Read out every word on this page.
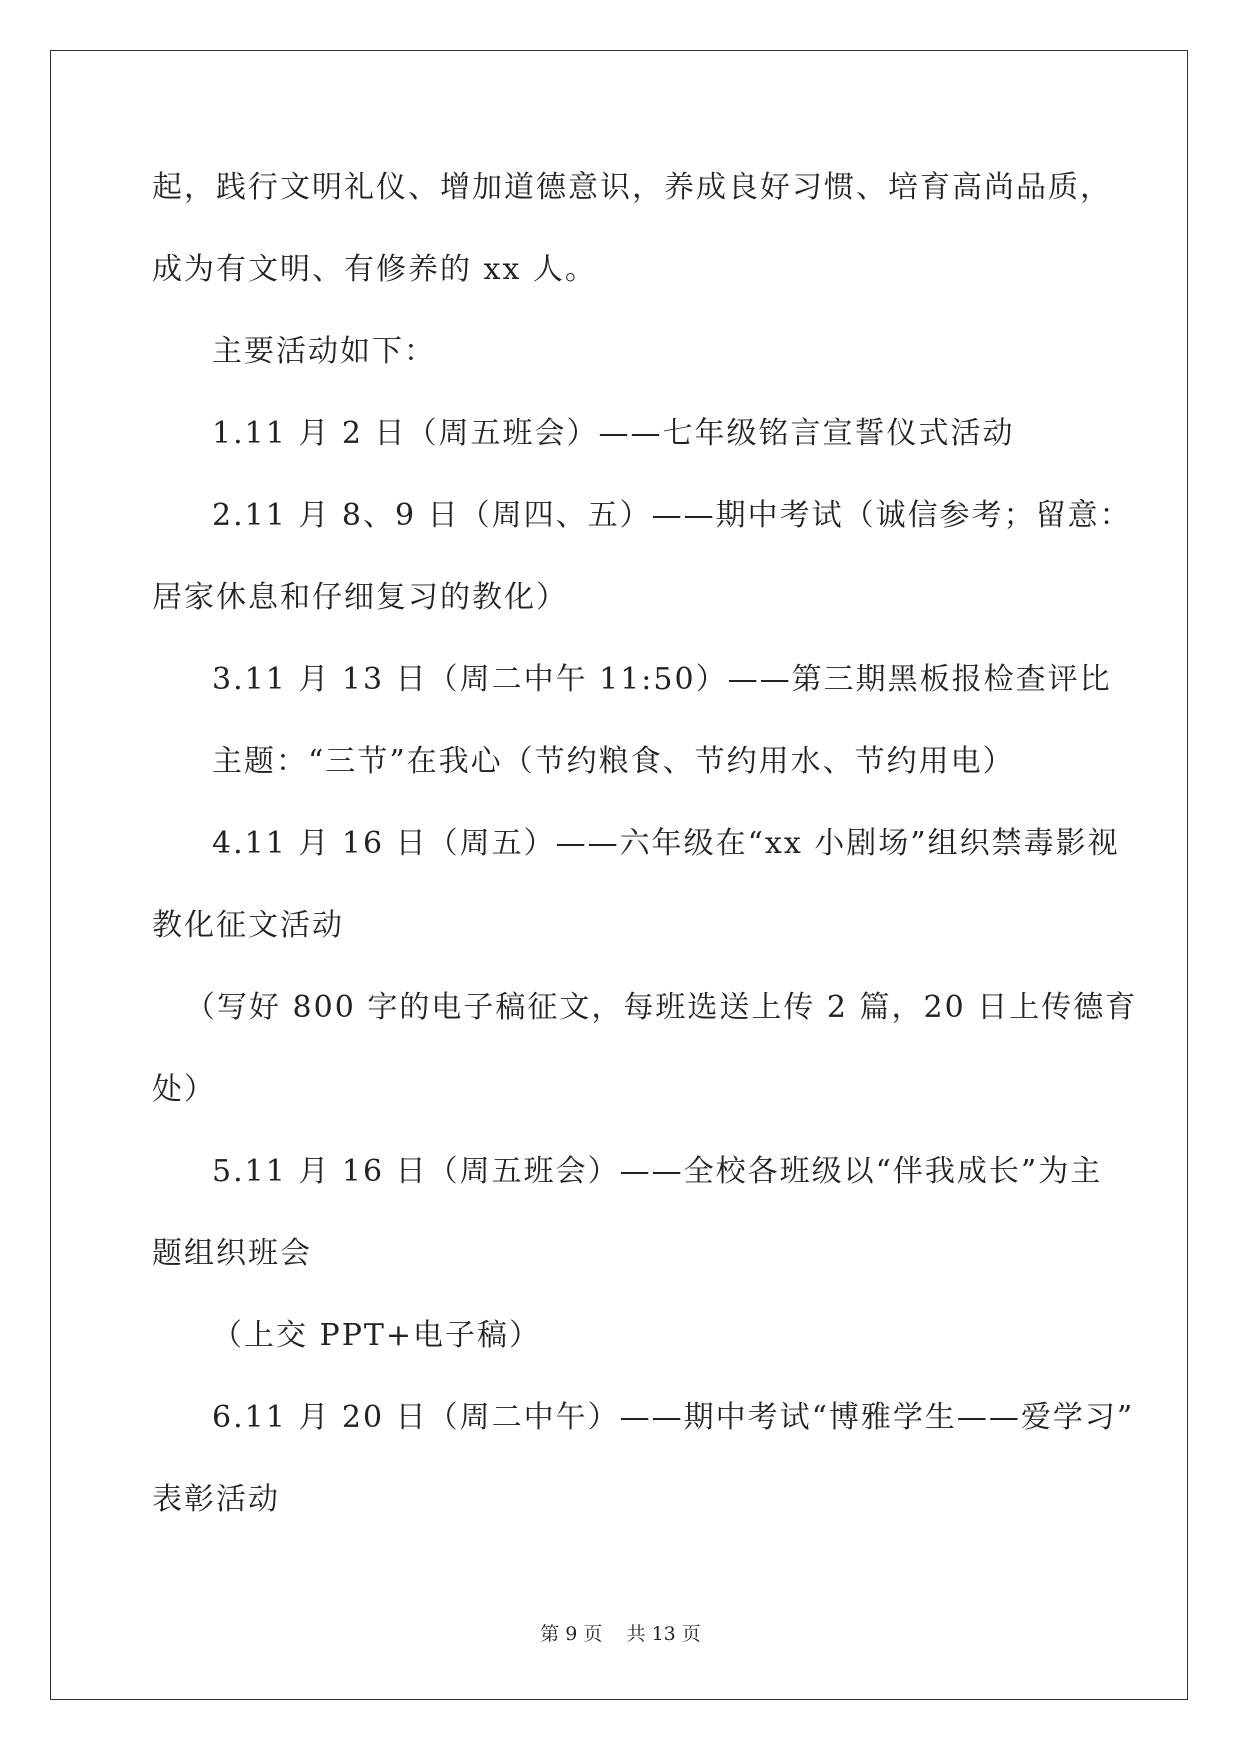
起，践行文明礼仪、增加道德意识，养成良好习惯、培育高尚品质，
成为有文明、有修养的 xx 人。
主要活动如下：
1.11 月 2 日（周五班会）——七年级铭言宣誓仪式活动
2.11 月 8、9 日（周四、五）——期中考试（诚信参考；留意：
居家休息和仔细复习的教化）
3.11 月 13 日（周二中午 11:50）——第三期黑板报检查评比
主题：“三节”在我心（节约粮食、节约用水、节约用电）
4.11 月 16 日（周五）——六年级在“xx 小剧场”组织禁毒影视
教化征文活动
（写好 800 字的电子稿征文，每班选送上传 2 篇，20 日上传德育
处）
5.11 月 16 日（周五班会）——全校各班级以“伴我成长”为主
题组织班会
（上交 PPT+电子稿）
6.11 月 20 日（周二中午）——期中考试“博雅学生——爱学习”
表彰活动
第 9 页 共 13 页
